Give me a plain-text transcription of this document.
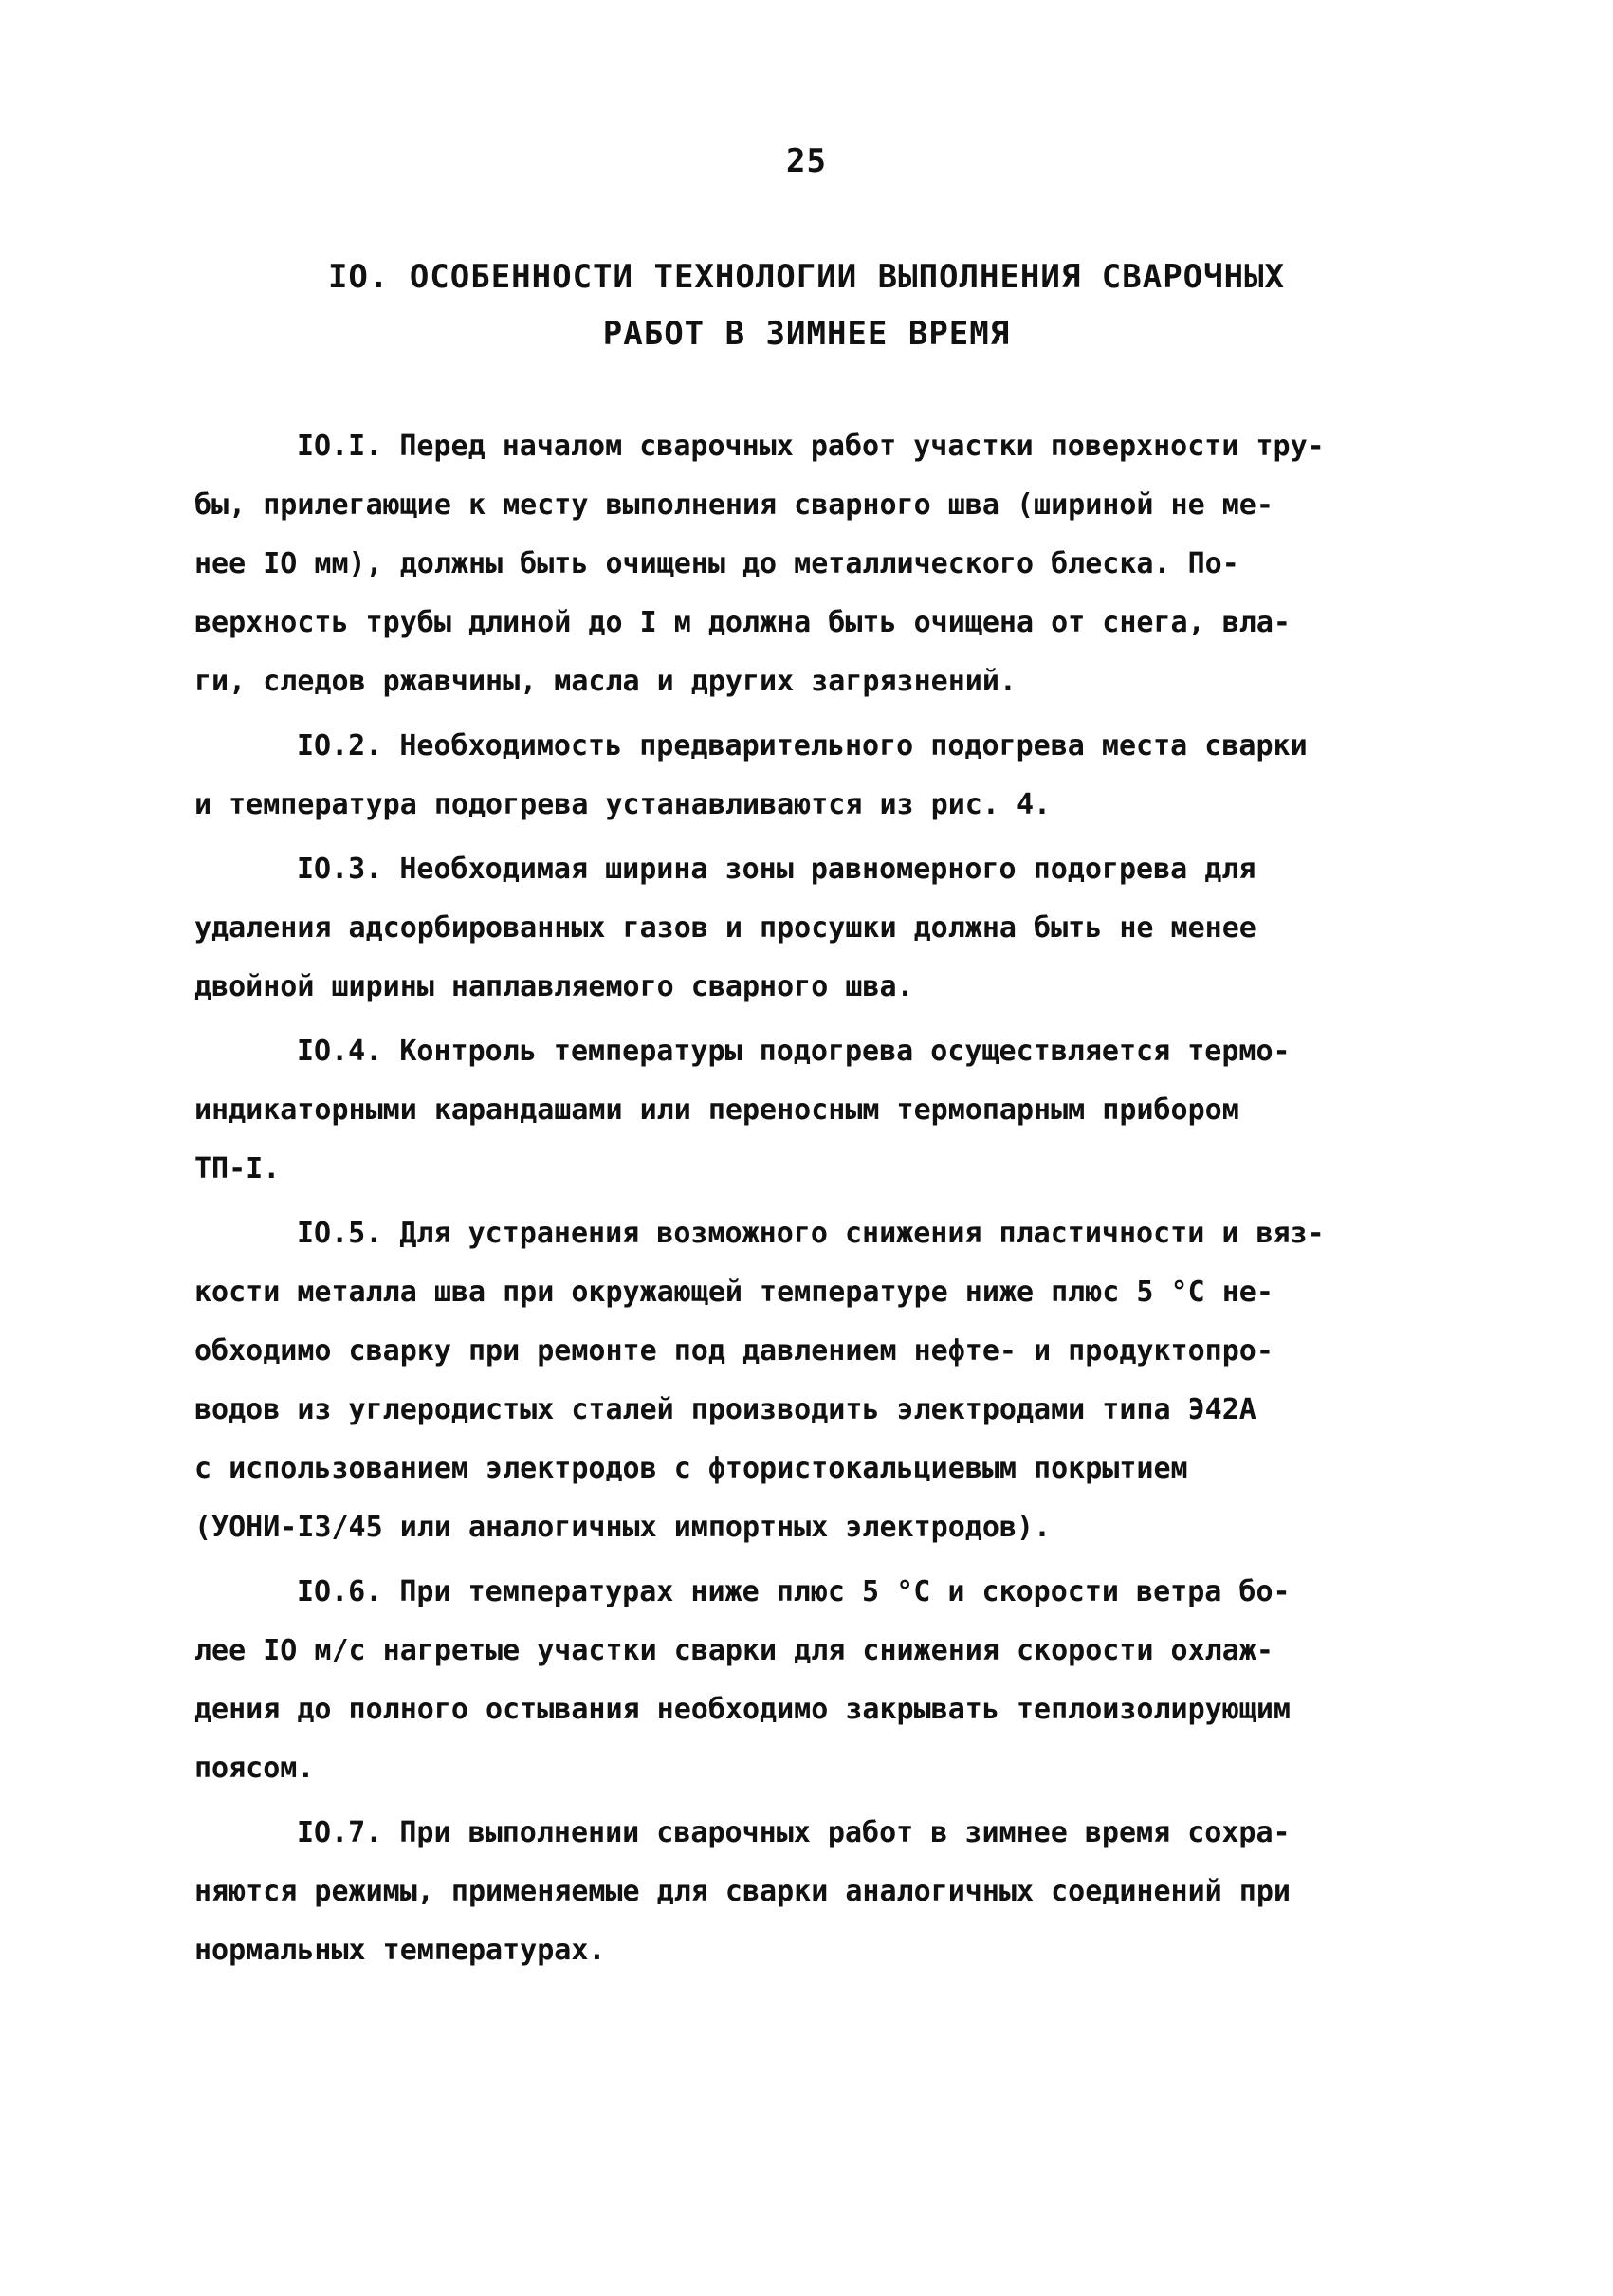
25
IO. ОСОБЕННОСТИ ТЕХНОЛОГИИ ВЫПОЛНЕНИЯ СВАРОЧНЫХ
РАБОТ В ЗИМНЕЕ ВРЕМЯ
IO.I. Перед началом сварочных работ участки поверхности тру-
бы, прилегающие к месту выполнения сварного шва (шириной не ме-
нее IO мм), должны быть очищены до металлического блеска. По-
верхность трубы длиной до I м должна быть очищена от снега, вла-
ги, следов ржавчины, масла и других загрязнений.
IO.2. Необходимость предварительного подогрева места сварки
и температура подогрева устанавливаются из рис. 4.
IO.3. Необходимая ширина зоны равномерного подогрева для
удаления адсорбированных газов и просушки должна быть не менее
двойной ширины наплавляемого сварного шва.
IO.4. Контроль температуры подогрева осуществляется термо-
индикаторными карандашами или переносным термопарным прибором
ТП-I.
IO.5. Для устранения возможного снижения пластичности и вяз-
кости металла шва при окружающей температуре ниже плюс 5 °С не-
обходимо сварку при ремонте под давлением нефте- и продуктопро-
водов из углеродистых сталей производить электродами типа Э42А
с использованием электродов с фтористокальциевым покрытием
(УОНИ-I3/45 или аналогичных импортных электродов).
IO.6. При температурах ниже плюс 5 °С и скорости ветра бо-
лее IO м/с нагретые участки сварки для снижения скорости охлаж-
дения до полного остывания необходимо закрывать теплоизолирующим
поясом.
IO.7. При выполнении сварочных работ в зимнее время сохра-
няются режимы, применяемые для сварки аналогичных соединений при
нормальных температурах.
